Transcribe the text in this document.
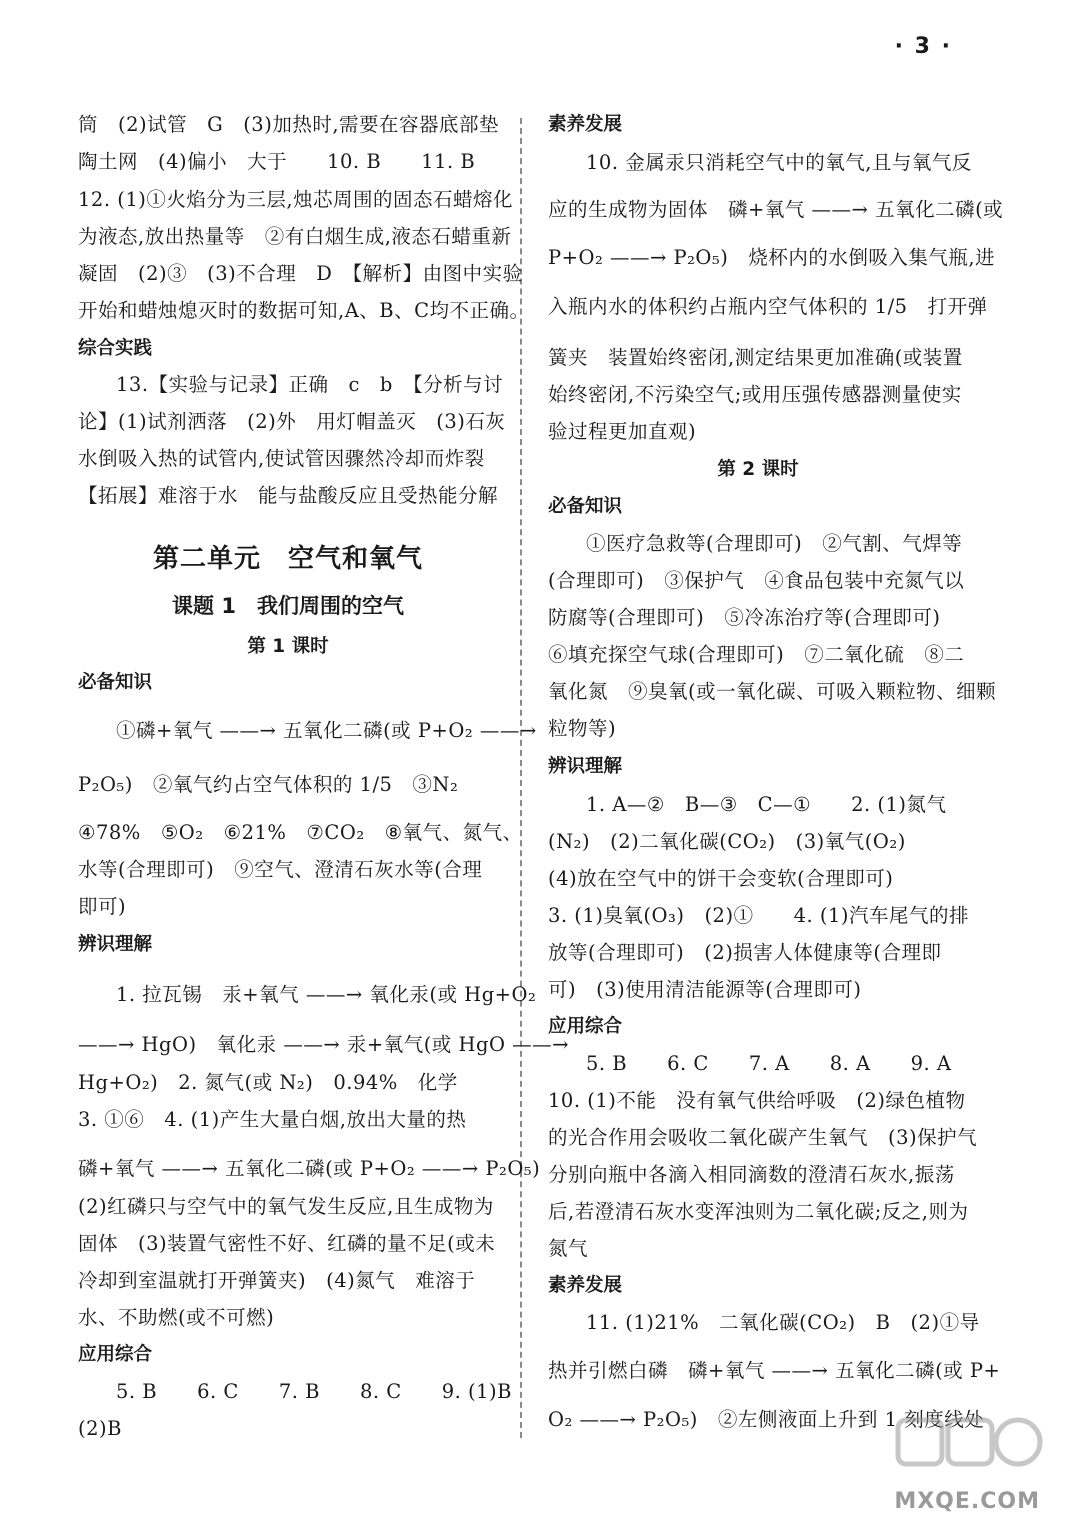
· 3 ·
筒　(2)试管　G　(3)加热时,需要在容器底部垫
陶土网　(4)偏小　大于　　10. B　　11. B
12. (1)①火焰分为三层,烛芯周围的固态石蜡熔化
为液态,放出热量等　②有白烟生成,液态石蜡重新
凝固　(2)③　(3)不合理　D　【解析】由图中实验
开始和蜡烛熄灭时的数据可知,A、B、C均不正确。
综合实践
13.【实验与记录】正确　c　b　【分析与讨
论】(1)试剂洒落　(2)外　用灯帽盖灭　(3)石灰
水倒吸入热的试管内,使试管因骤然冷却而炸裂
【拓展】难溶于水　能与盐酸反应且受热能分解
第二单元　空气和氧气
课题 1　我们周围的空气
第 1 课时
必备知识
①磷+氧气 ——→ 五氧化二磷(或 P+O₂ ——→
P₂O₅)　②氧气约占空气体积的 1/5　③N₂
④78%　⑤O₂　⑥21%　⑦CO₂　⑧氧气、氮气、
水等(合理即可)　⑨空气、澄清石灰水等(合理
即可)
辨识理解
1. 拉瓦锡　汞+氧气 ——→ 氧化汞(或 Hg+O₂
——→ HgO)　氧化汞 ——→ 汞+氧气(或 HgO ——→
Hg+O₂)　2. 氮气(或 N₂)　0.94%　化学
3. ①⑥　4. (1)产生大量白烟,放出大量的热
磷+氧气 ——→ 五氧化二磷(或 P+O₂ ——→ P₂O₅)
(2)红磷只与空气中的氧气发生反应,且生成物为
固体　(3)装置气密性不好、红磷的量不足(或未
冷却到室温就打开弹簧夹)　(4)氮气　难溶于
水、不助燃(或不可燃)
应用综合
5. B　　6. C　　7. B　　8. C　　9. (1)B
(2)B
素养发展
10. 金属汞只消耗空气中的氧气,且与氧气反
应的生成物为固体　磷+氧气 ——→ 五氧化二磷(或
P+O₂ ——→ P₂O₅)　烧杯内的水倒吸入集气瓶,进
入瓶内水的体积约占瓶内空气体积的 1/5　打开弹
簧夹　装置始终密闭,测定结果更加准确(或装置
始终密闭,不污染空气;或用压强传感器测量使实
验过程更加直观)
第 2 课时
必备知识
①医疗急救等(合理即可)　②气割、气焊等
(合理即可)　③保护气　④食品包装中充氮气以
防腐等(合理即可)　⑤冷冻治疗等(合理即可)
⑥填充探空气球(合理即可)　⑦二氧化硫　⑧二
氧化氮　⑨臭氧(或一氧化碳、可吸入颗粒物、细颗
粒物等)
辨识理解
1. A—②　B—③　C—①　　2. (1)氮气
(N₂)　(2)二氧化碳(CO₂)　(3)氧气(O₂)
(4)放在空气中的饼干会变软(合理即可)
3. (1)臭氧(O₃)　(2)①　　4. (1)汽车尾气的排
放等(合理即可)　(2)损害人体健康等(合理即
可)　(3)使用清洁能源等(合理即可)
应用综合
5. B　　6. C　　7. A　　8. A　　9. A
10. (1)不能　没有氧气供给呼吸　(2)绿色植物
的光合作用会吸收二氧化碳产生氧气　(3)保护气
分别向瓶中各滴入相同滴数的澄清石灰水,振荡
后,若澄清石灰水变浑浊则为二氧化碳;反之,则为
氮气
素养发展
11. (1)21%　二氧化碳(CO₂)　B　(2)①导
热并引燃白磷　磷+氧气 ——→ 五氧化二磷(或 P+
O₂ ——→ P₂O₅)　②左侧液面上升到 1 刻度线处
MXQE.COM
